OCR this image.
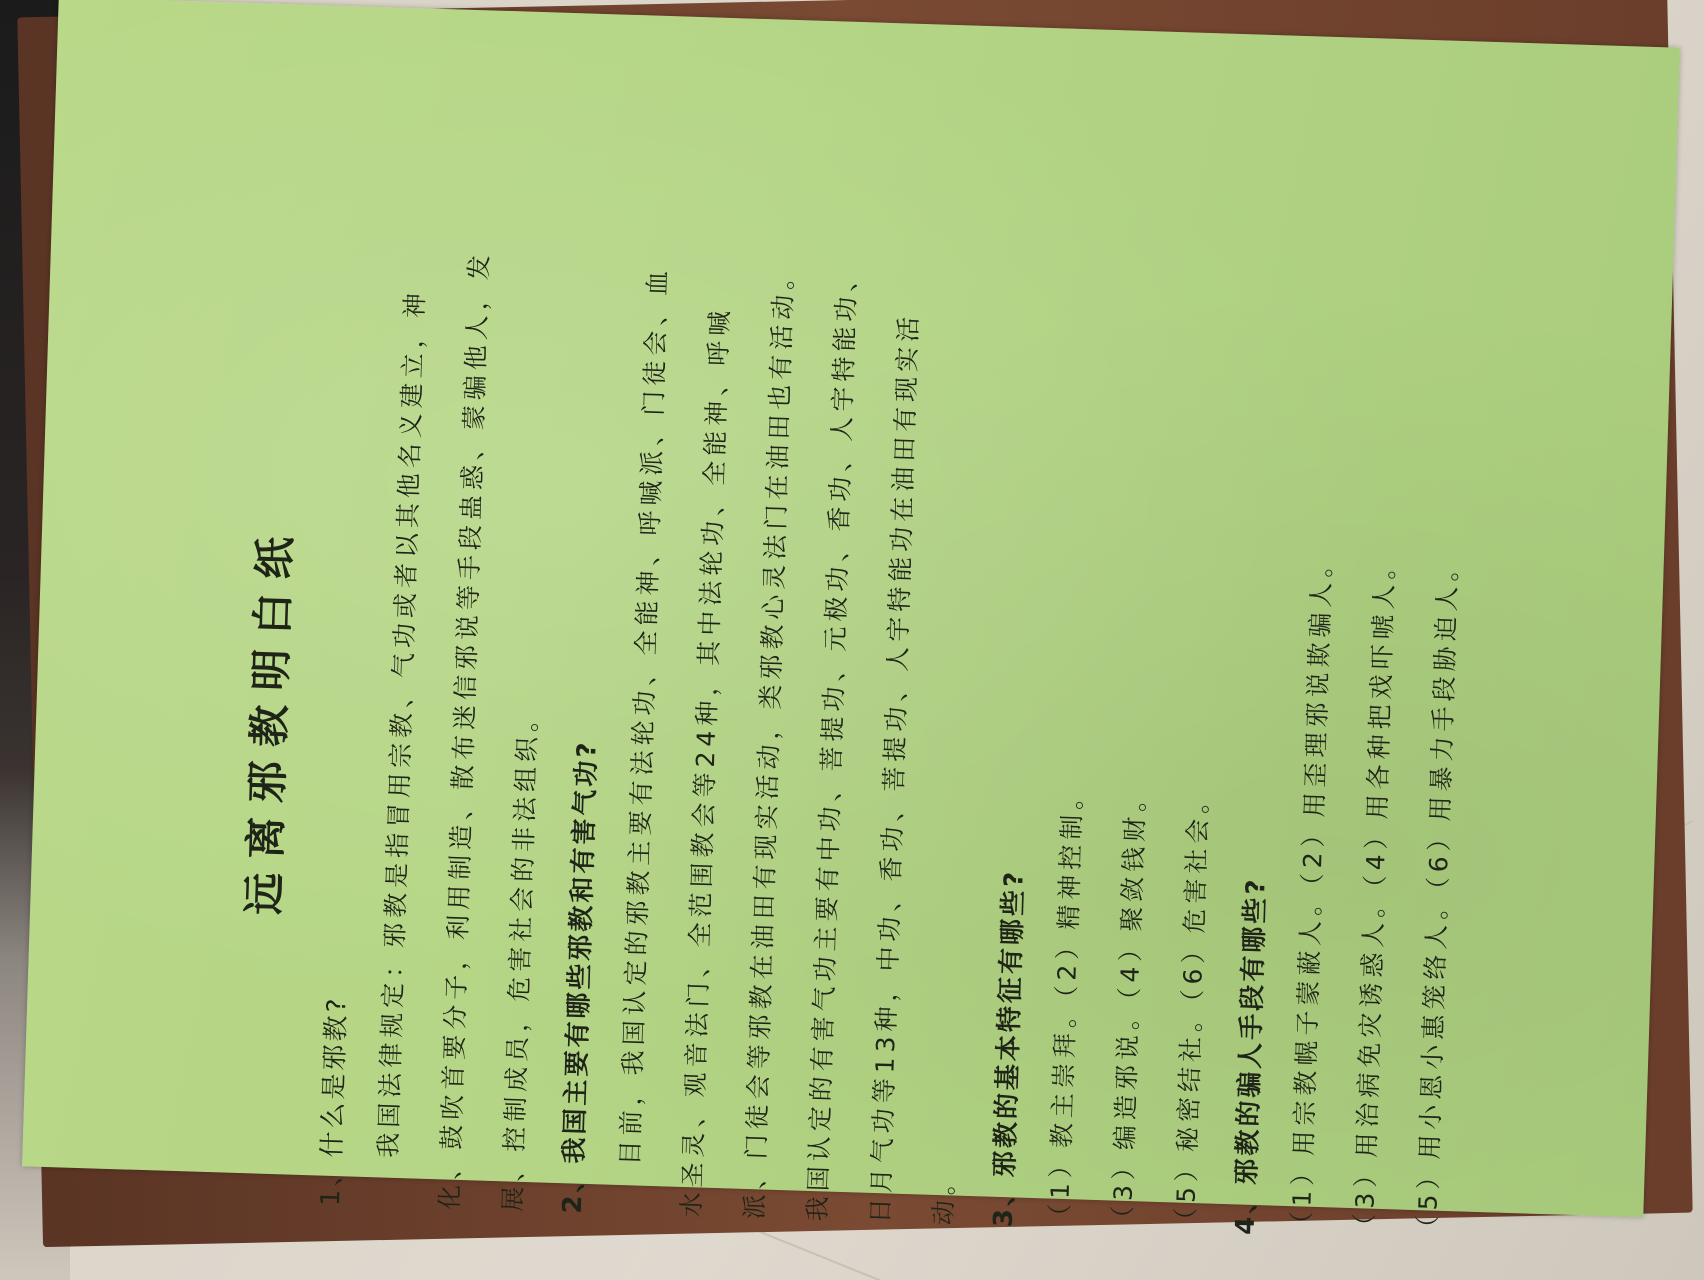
远离邪教明白纸
1、什么是邪教? 我国法律规定：邪教是指冒用宗教、气功或者以其他名义建立，神化、鼓吹首要分子，利用制造、散布迷信邪说等手段蛊惑、蒙骗他人，发展、控制成员，危害社会的非法组织。 2、我国主要有哪些邪教和有害气功? 目前，我国认定的邪教主要有法轮功、全能神、呼喊派、门徒会、血水圣灵、观音法门、全范围教会等24种，其中法轮功、全能神、呼喊派、门徒会等邪教在油田有现实活动，类邪教心灵法门在油田也有活动。我国认定的有害气功主要有中功、菩提功、元极功、香功、人宇特能功、日月气功等13种，中功、香功、菩提功、人宇特能功在油田有现实活动。	3、邪教的基本特征有哪些? （1）教主崇拜。（2）精神控制。 （3）编造邪说。（4）聚敛钱财。 （5）秘密结社。（6）危害社会。 4、邪教的骗人手段有哪些? （1）用宗教幌子蒙蔽人。（2）用歪理邪说欺骗人。 （3）用治病免灾诱惑人。（4）用各种把戏吓唬人。 （5）用小恩小惠笼络人。（6）用暴力手段胁迫人。
